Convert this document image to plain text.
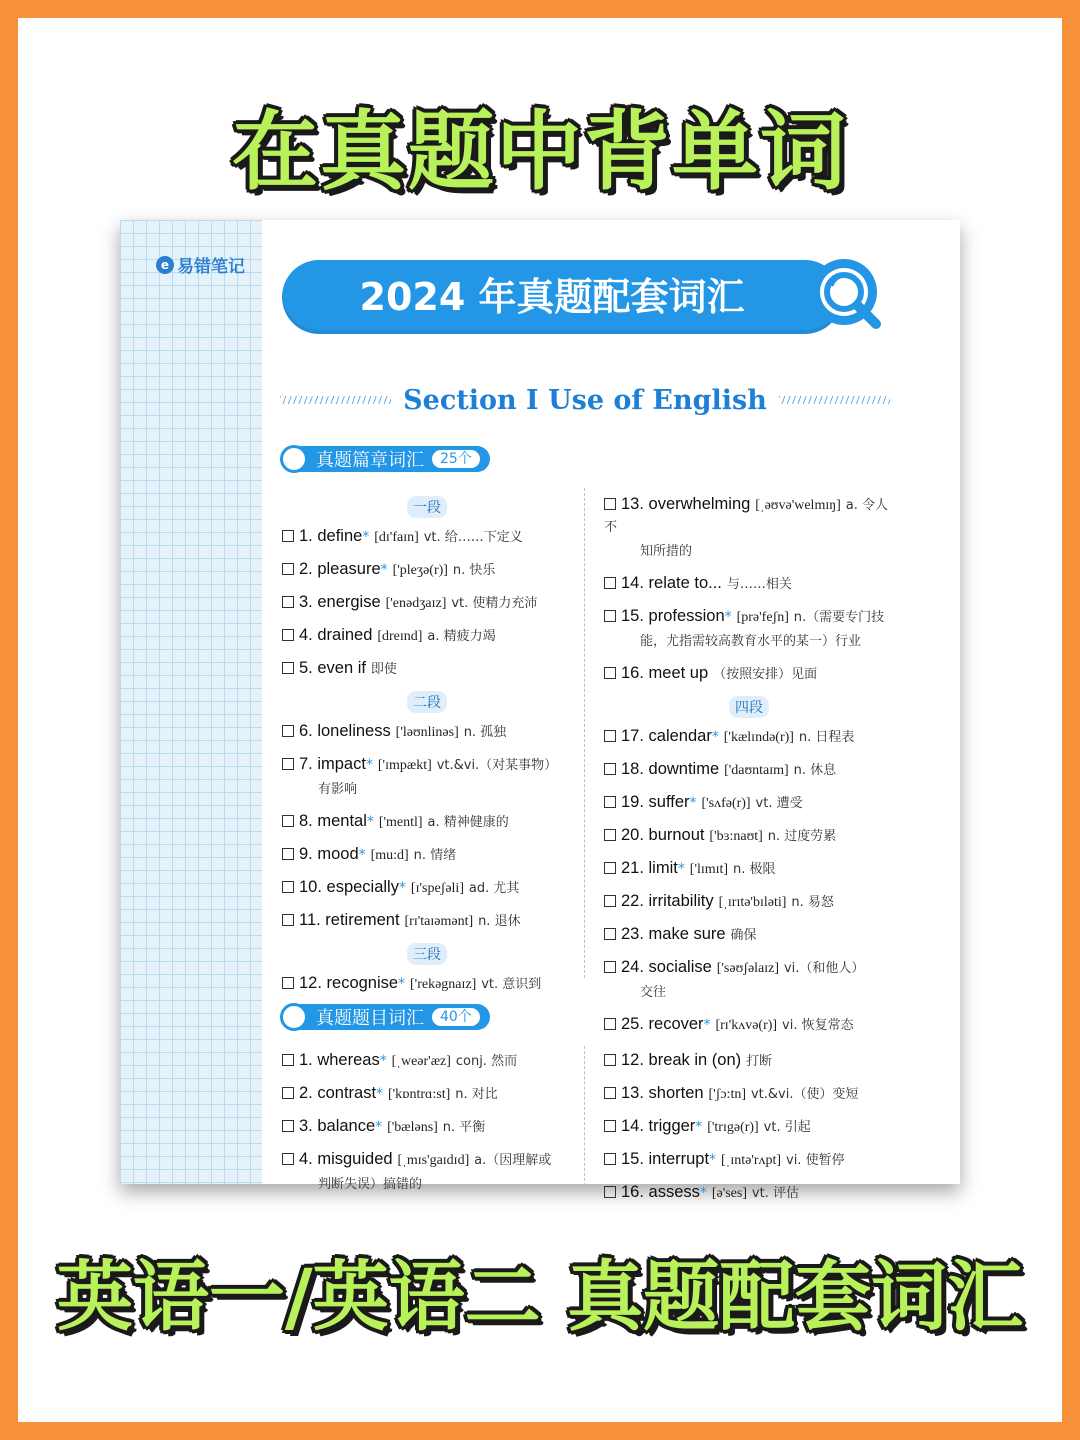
在真题中背单词
e 易错笔记
2024 年真题配套词汇
Section Ⅰ Use of English
真题篇章词汇	25个
一段
1. define* [dɪ'faɪn] vt. 给……下定义
2. pleasure* ['pleʒə(r)] n. 快乐
3. energise ['enədʒaɪz] vt. 使精力充沛
4. drained [dreɪnd] a. 精疲力竭
5. even if 即使
二段
6. loneliness ['ləʊnlinəs] n. 孤独
7. impact* ['ɪmpækt] vt.&vi.（对某事物）
有影响
8. mental* ['mentl] a. 精神健康的
9. mood* [mu:d] n. 情绪
10. especially* [ɪ'speʃəli] ad. 尤其
11. retirement [rɪ'taɪəmənt] n. 退休
三段
12. recognise* ['rekəgnaɪz] vt. 意识到
13. overwhelming [ˌəʊvə'welmɪŋ] a. 令人不
知所措的
14. relate to... 与……相关
15. profession* [prə'feʃn] n.（需要专门技
能，尤指需较高教育水平的某一）行业
16. meet up （按照安排）见面
四段
17. calendar* ['kælɪndə(r)] n. 日程表
18. downtime ['daʊntaɪm] n. 休息
19. suffer* ['sʌfə(r)] vt. 遭受
20. burnout ['bɜ:naʊt] n. 过度劳累
21. limit* ['lɪmɪt] n. 极限
22. irritability [ˌɪrɪtə'bɪləti] n. 易怒
23. make sure 确保
24. socialise ['səʊʃəlaɪz] vi.（和他人）
交往
25. recover* [rɪ'kʌvə(r)] vi. 恢复常态
真题题目词汇	40个
1. whereas* [ˌweər'æz] conj. 然而
2. contrast* ['kɒntrɑ:st] n. 对比
3. balance* ['bæləns] n. 平衡
4. misguided [ˌmɪs'gaɪdɪd] a.（因理解或
判断失误）搞错的
12. break in (on) 打断
13. shorten ['ʃɔ:tn] vt.&vi.（使）变短
14. trigger* ['trɪgə(r)] vt. 引起
15. interrupt* [ˌɪntə'rʌpt] vi. 使暂停
16. assess* [ə'ses] vt. 评估
英语一/英语二 真题配套词汇
